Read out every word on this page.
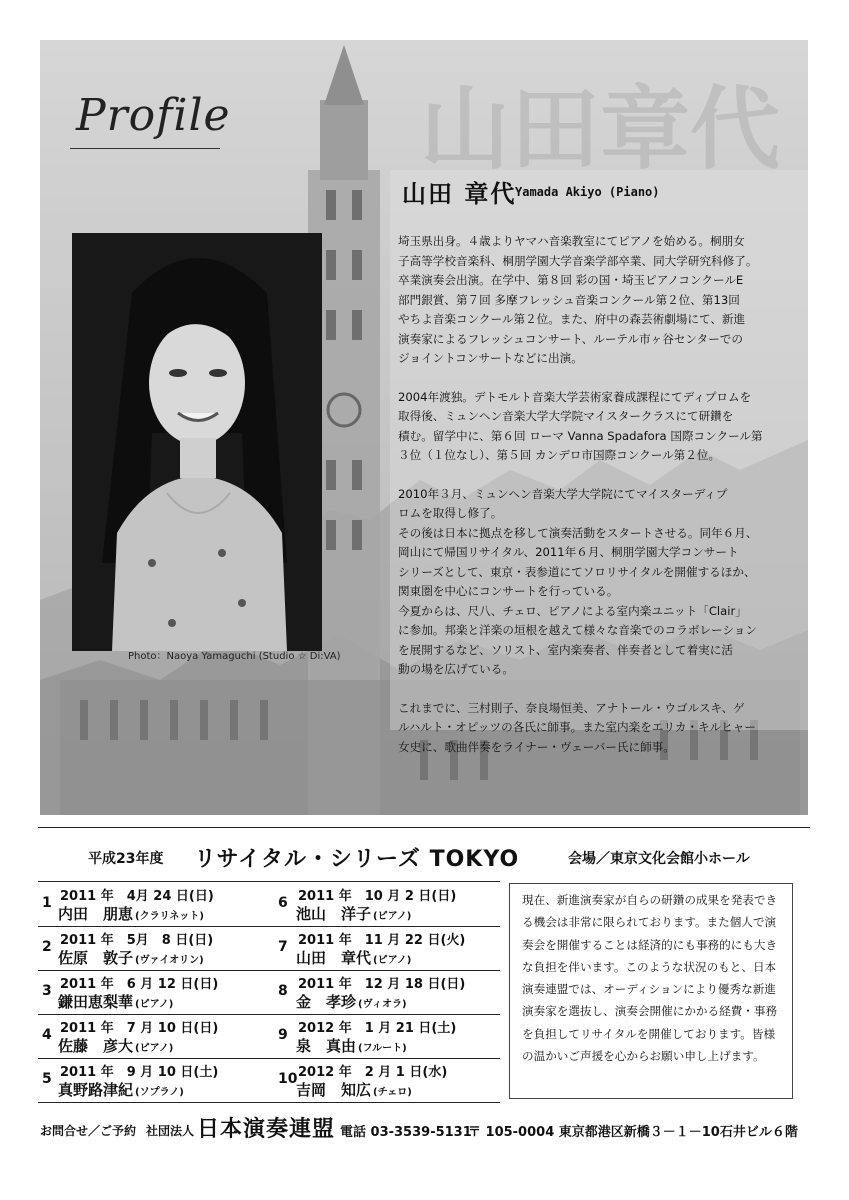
山田章代
Profile
山田 章代
Yamada Akiyo (Piano)
Photo：Naoya Yamaguchi (Studio ☆ Di:VA)

埼玉県出身。４歳よりヤマハ音楽教室にてピアノを始める。桐朋女
子高等学校音楽科、桐朋学園大学音楽学部卒業、同大学研究科修了。
卒業演奏会出演。在学中、第８回 彩の国・埼玉ピアノコンクールE
部門銀賞、第７回 多摩フレッシュ音楽コンクール第２位、第13回
やちよ音楽コンクール第２位。また、府中の森芸術劇場にて、新進
演奏家によるフレッシュコンサート、ルーテル市ヶ谷センターでの
ジョイントコンサートなどに出演。

2004年渡独。デトモルト音楽大学芸術家養成課程にてディプロムを
取得後、ミュンヘン音楽大学大学院マイスタークラスにて研鑽を
積む。留学中に、第６回 ローマ Vanna Spadafora 国際コンクール第
３位（１位なし）、第５回 カンデロ市国際コンクール第２位。

2010年３月、ミュンヘン音楽大学大学院にてマイスターディプ
ロムを取得し修了。

その後は日本に拠点を移して演奏活動をスタートさせる。同年６月、
岡山にて帰国リサイタル、2011年６月、桐朋学園大学コンサート
シリーズとして、東京・表参道にてソロリサイタルを開催するほか、
関東圏を中心にコンサートを行っている。

今夏からは、尺八、チェロ、ピアノによる室内楽ユニット「Clair」
に参加。邦楽と洋楽の垣根を越えて様々な音楽でのコラボレーション
を展開するなど、ソリスト、室内楽奏者、伴奏者として着実に活
動の場を広げている。

これまでに、三村則子、奈良場恒美、アナトール・ウゴルスキ、ゲ
ルハルト・オピッツの各氏に師事。また室内楽をエリカ・キルヒャー
女史に、歌曲伴奏をライナー・ヴェーバー氏に師事。

平成23年度 リサイタル・シリーズ TOKYO	会場／東京文化会館小ホール
1 2011 年　4月 24 日(日)
内田　朋恵 (クラリネット)
6 2011 年　10 月 2 日(日)
池山　洋子 (ピアノ)
2 2011 年　5月　8 日(日)
佐原　敦子 (ヴァイオリン)
7 2011 年　11 月 22 日(火)
山田　章代 (ピアノ)
3 2011 年　6 月 12 日(日)
鎌田恵梨華 (ピアノ)
8 2011 年　12 月 18 日(日)
金　孝珍 (ヴィオラ)
4 2011 年　7 月 10 日(日)
佐藤　彦大 (ピアノ)
9 2012 年　1 月 21 日(土)
泉　真由 (フルート)
5 2011 年　9 月 10 日(土)
真野路津紀 (ソプラノ)
10 2012 年　2 月 1 日(水)
吉岡　知広 (チェロ)
現在、新進演奏家が自らの研鑽の成果を発表できる機会は非常に限られております。また個人で演奏会を開催することは経済的にも事務的にも大きな負担を伴います。このような状況のもと、日本演奏連盟では、オーディションにより優秀な新進演奏家を選抜し、演奏会開催にかかる経費・事務を負担してリサイタルを開催しております。皆様の温かいご声援を心からお願い申し上げます。
お問合せ／ご予約 社団法人 日本演奏連盟 電話 03-3539-5131
〒 105-0004 東京都港区新橋３－１－10石井ビル６階
